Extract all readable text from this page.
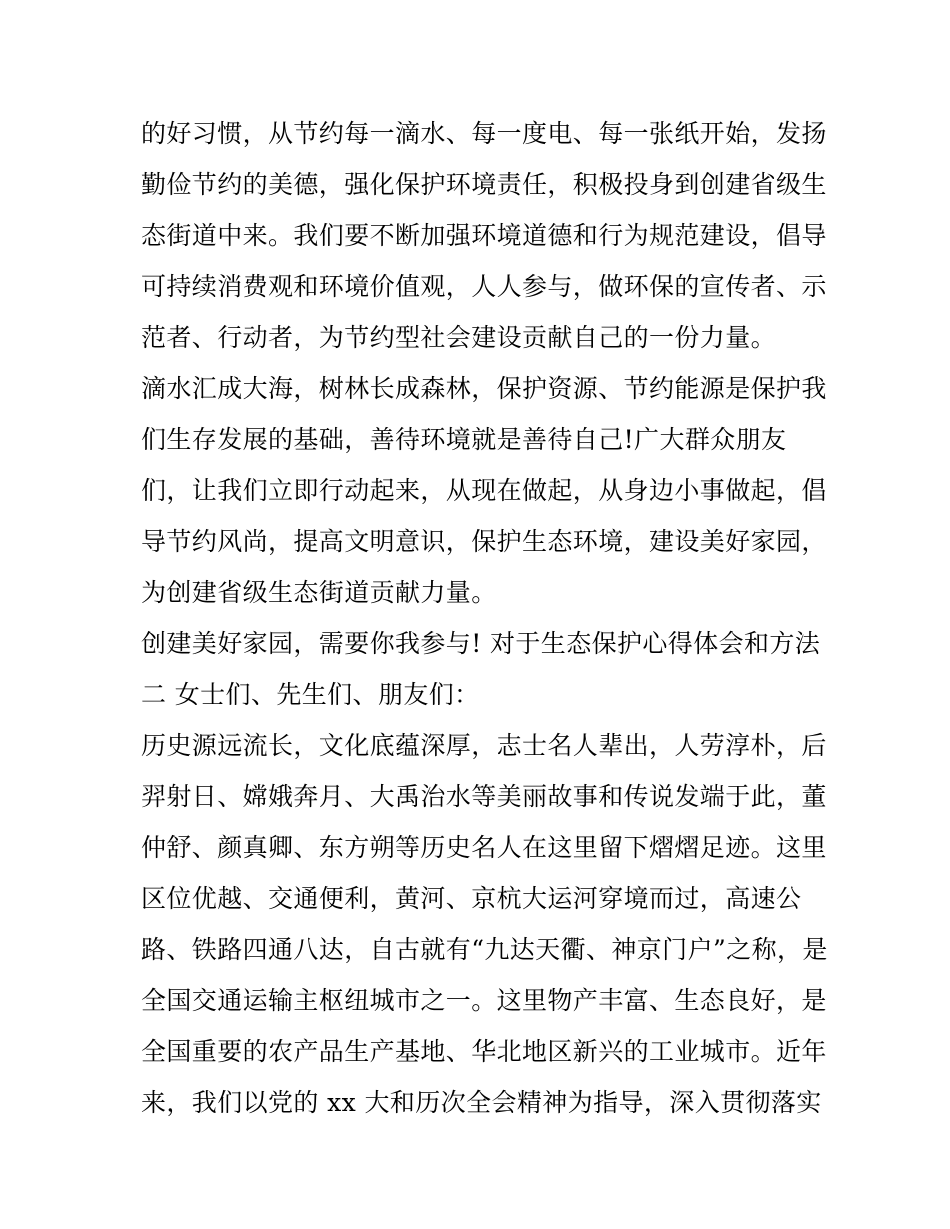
的好习惯，从节约每一滴水、每一度电、每一张纸开始，发扬
勤俭节约的美德，强化保护环境责任，积极投身到创建省级生
态街道中来。我们要不断加强环境道德和行为规范建设，倡导
可持续消费观和环境价值观，人人参与，做环保的宣传者、示
范者、行动者，为节约型社会建设贡献自己的一份力量。
滴水汇成大海，树林长成森林，保护资源、节约能源是保护我
们生存发展的基础，善待环境就是善待自己!广大群众朋友
们，让我们立即行动起来，从现在做起，从身边小事做起，倡
导节约风尚，提高文明意识，保护生态环境，建设美好家园，
为创建省级生态街道贡献力量。
创建美好家园，需要你我参与! 对于生态保护心得体会和方法
二 女士们、先生们、朋友们：
历史源远流长，文化底蕴深厚，志士名人辈出，人劳淳朴，后
羿射日、嫦娥奔月、大禹治水等美丽故事和传说发端于此，董
仲舒、颜真卿、东方朔等历史名人在这里留下熠熠足迹。这里
区位优越、交通便利，黄河、京杭大运河穿境而过，高速公
路、铁路四通八达，自古就有“九达天衢、神京门户”之称，是
全国交通运输主枢纽城市之一。这里物产丰富、生态良好，是
全国重要的农产品生产基地、华北地区新兴的工业城市。近年
来，我们以党的 xx 大和历次全会精神为指导，深入贯彻落实
